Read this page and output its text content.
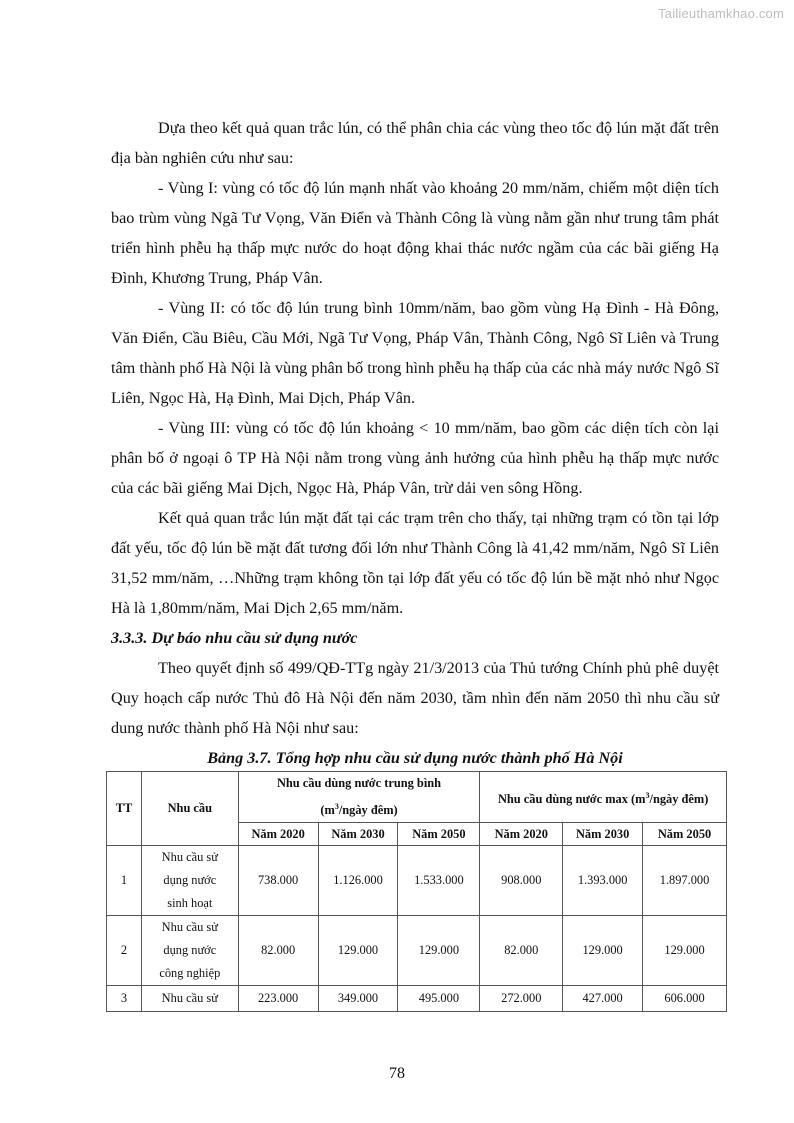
Tailieuthamkhao.com

Dựa theo kết quả quan trắc lún, có thể phân chia các vùng theo tốc độ lún mặt đất trên địa bàn nghiên cứu như sau:

- Vùng I: vùng có tốc độ lún mạnh nhất vào khoảng 20 mm/năm, chiếm một diện tích bao trùm vùng Ngã Tư Vọng, Văn Điển và Thành Công là vùng nằm gần như trung tâm phát triển hình phễu hạ thấp mực nước do hoạt động khai thác nước ngầm của các bãi giếng Hạ Đình, Khương Trung, Pháp Vân.

- Vùng II: có tốc độ lún trung bình 10mm/năm, bao gồm vùng Hạ Đình - Hà Đông, Văn Điển, Cầu Biêu, Cầu Mới, Ngã Tư Vọng, Pháp Vân, Thành Công, Ngô Sĩ Liên và Trung tâm thành phố Hà Nội là vùng phân bố trong hình phễu hạ thấp của các nhà máy nước Ngô Sĩ Liên, Ngọc Hà, Hạ Đình, Mai Dịch, Pháp Vân.

- Vùng III: vùng có tốc độ lún khoảng < 10 mm/năm, bao gồm các diện tích còn lại phân bố ở ngoại ô TP Hà Nội nằm trong vùng ảnh hưởng của hình phễu hạ thấp mực nước của các bãi giếng Mai Dịch, Ngọc Hà, Pháp Vân, trừ dải ven sông Hồng.

Kết quả quan trắc lún mặt đất tại các trạm trên cho thấy, tại những trạm có tồn tại lớp đất yếu, tốc độ lún bề mặt đất tương đối lớn như Thành Công là 41,42 mm/năm, Ngô Sĩ Liên 31,52 mm/năm, …Những trạm không tồn tại lớp đất yếu có tốc độ lún bề mặt nhỏ như Ngọc Hà là 1,80mm/năm, Mai Dịch 2,65 mm/năm.

3.3.3. Dự báo nhu cầu sử dụng nước

Theo quyết định số 499/QĐ-TTg ngày 21/3/2013 của Thủ tướng Chính phủ phê duyệt Quy hoạch cấp nước Thủ đô Hà Nội đến năm 2030, tầm nhìn đến năm 2050 thì nhu cầu sử dung nước thành phố Hà Nội như sau:

Bảng 3.7. Tổng hợp nhu cầu sử dụng nước thành phố Hà Nội

TT	Nhu cầu	Nhu cầu dùng nước trung bình
($m^3$/ngày đêm)			Nhu cầu dùng nước $\max (m^3$/ngày đêm)		
		Năm 2020	Năm 2030	Năm 2050	Năm 2020	Năm 2030	Năm 2050
1	Nhu cầu sử
dụng nước
sinh hoạt	738.000	1.126.000	1.533.000	908.000	1.393.000	1.897.000
2	Nhu cầu sử
dụng nước
công nghiệp	82.000	129.000	129.000	82.000	129.000	129.000
3	Nhu cầu sử	223.000	349.000	495.000	272.000	427.000	606.000
78
